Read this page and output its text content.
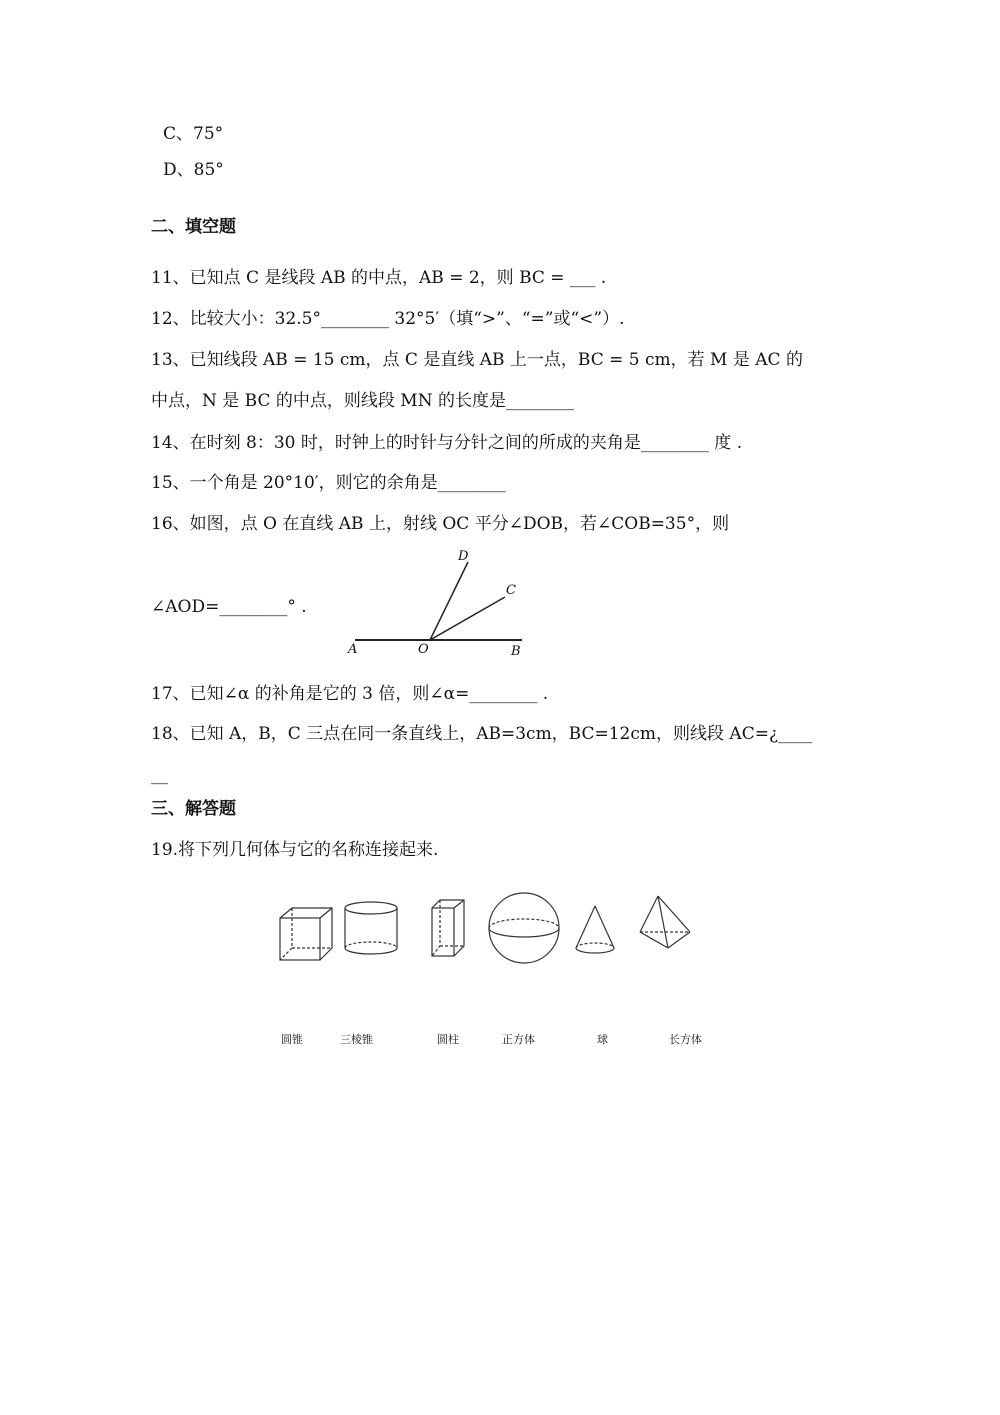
C、75°
D、85°
二、填空题
11、已知点 C 是线段 AB 的中点，AB = 2，则 BC = ___ .
12、比较大小：32.5°________ 32°5′（填“>”、“=”或“<”）.
13、已知线段 AB = 15 cm，点 C 是直线 AB 上一点，BC = 5 cm，若 M 是 AC 的
中点，N 是 BC 的中点，则线段 MN 的长度是________
14、在时刻 8：30 时，时钟上的时针与分针之间的所成的夹角是________ 度 .
15、一个角是 20°10′，则它的余角是________
16、如图，点 O 在直线 AB 上，射线 OC 平分∠DOB，若∠COB=35°，则
∠AOD=________° .
A	O	B
C
D
17、已知∠α 的补角是它的 3 倍，则∠α=________ .
18、已知 A，B，C 三点在同一条直线上，AB=3cm，BC=12cm，则线段 AC=¿____
__
三、解答题
19.将下列几何体与它的名称连接起来.
圆锥	三棱锥	圆柱	正方体	球	长方体
